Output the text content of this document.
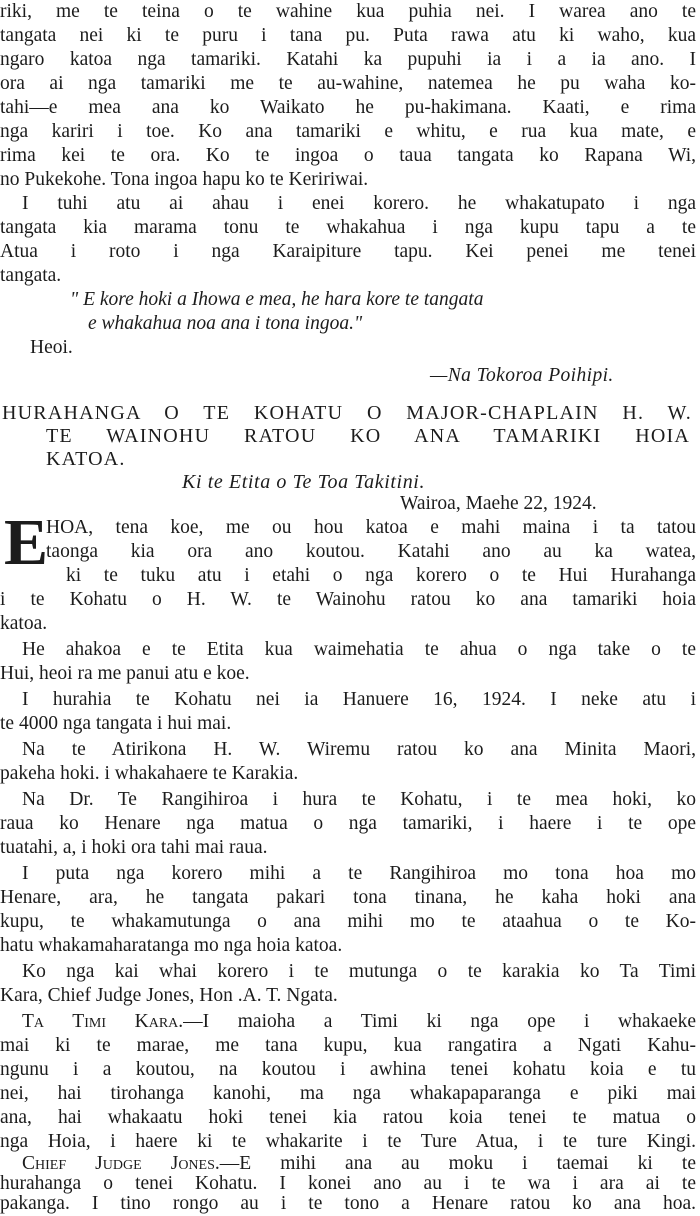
riki, me te teina o te wahine kua puhia nei. I warea ano te
tangata nei ki te puru i tana pu. Puta rawa atu ki waho, kua
ngaro katoa nga tamariki. Katahi ka pupuhi ia i a ia ano. I
ora ai nga tamariki me te au-wahine, natemea he pu waha ko-
tahi—e mea ana ko Waikato he pu-hakimana. Kaati, e rima
nga kariri i toe. Ko ana tamariki e whitu, e rua kua mate, e
rima kei te ora. Ko te ingoa o taua tangata ko Rapana Wi,
no Pukekohe. Tona ingoa hapu ko te Keririwai.
I tuhi atu ai ahau i enei korero. he whakatupato i nga
tangata kia marama tonu te whakahua i nga kupu tapu a te
Atua i roto i nga Karaipiture tapu. Kei penei me tenei
tangata.
" E kore hoki a Ihowa e mea, he hara kore te tangata
e whakahua noa ana i tona ingoa."
Heoi.
—Na Tokoroa Poihipi.
HURAHANGA O TE KOHATU O MAJOR-CHAPLAIN H. W.
TE WAINOHU RATOU KO ANA TAMARIKI HOIA
KATOA.
Ki te Etita o Te Toa Takitini.
Wairoa, Maehe 22, 1924.
E
HOA, tena koe, me ou hou katoa e mahi maina i ta tatou
taonga kia ora ano koutou. Katahi ano au ka watea,
ki te tuku atu i etahi o nga korero o te Hui Hurahanga
i te Kohatu o H. W. te Wainohu ratou ko ana tamariki hoia
katoa.
He ahakoa e te Etita kua waimehatia te ahua o nga take o te
Hui, heoi ra me panui atu e koe.
I hurahia te Kohatu nei ia Hanuere 16, 1924. I neke atu i
te 4000 nga tangata i hui mai.
Na te Atirikona H. W. Wiremu ratou ko ana Minita Maori,
pakeha hoki. i whakahaere te Karakia.
Na Dr. Te Rangihiroa i hura te Kohatu, i te mea hoki, ko
raua ko Henare nga matua o nga tamariki, i haere i te ope
tuatahi, a, i hoki ora tahi mai raua.
I puta nga korero mihi a te Rangihiroa mo tona hoa mo
Henare, ara, he tangata pakari tona tinana, he kaha hoki ana
kupu, te whakamutunga o ana mihi mo te ataahua o te Ko-
hatu whakamaharatanga mo nga hoia katoa.
Ko nga kai whai korero i te mutunga o te karakia ko Ta Timi
Kara, Chief Judge Jones, Hon .A. T. Ngata.
Ta Timi Kara.—I maioha a Timi ki nga ope i whakaeke
mai ki te marae, me tana kupu, kua rangatira a Ngati Kahu-
ngunu i a koutou, na koutou i awhina tenei kohatu koia e tu
nei, hai tirohanga kanohi, ma nga whakapaparanga e piki mai
ana, hai whakaatu hoki tenei kia ratou koia tenei te matua o
nga Hoia, i haere ki te whakarite i te Ture Atua, i te ture Kingi.
Chief Judge Jones.—E mihi ana au moku i taemai ki te
hurahanga o tenei Kohatu. I konei ano au i te wa i ara ai te
pakanga. I tino rongo au i te tono a Henare ratou ko ana hoa.
